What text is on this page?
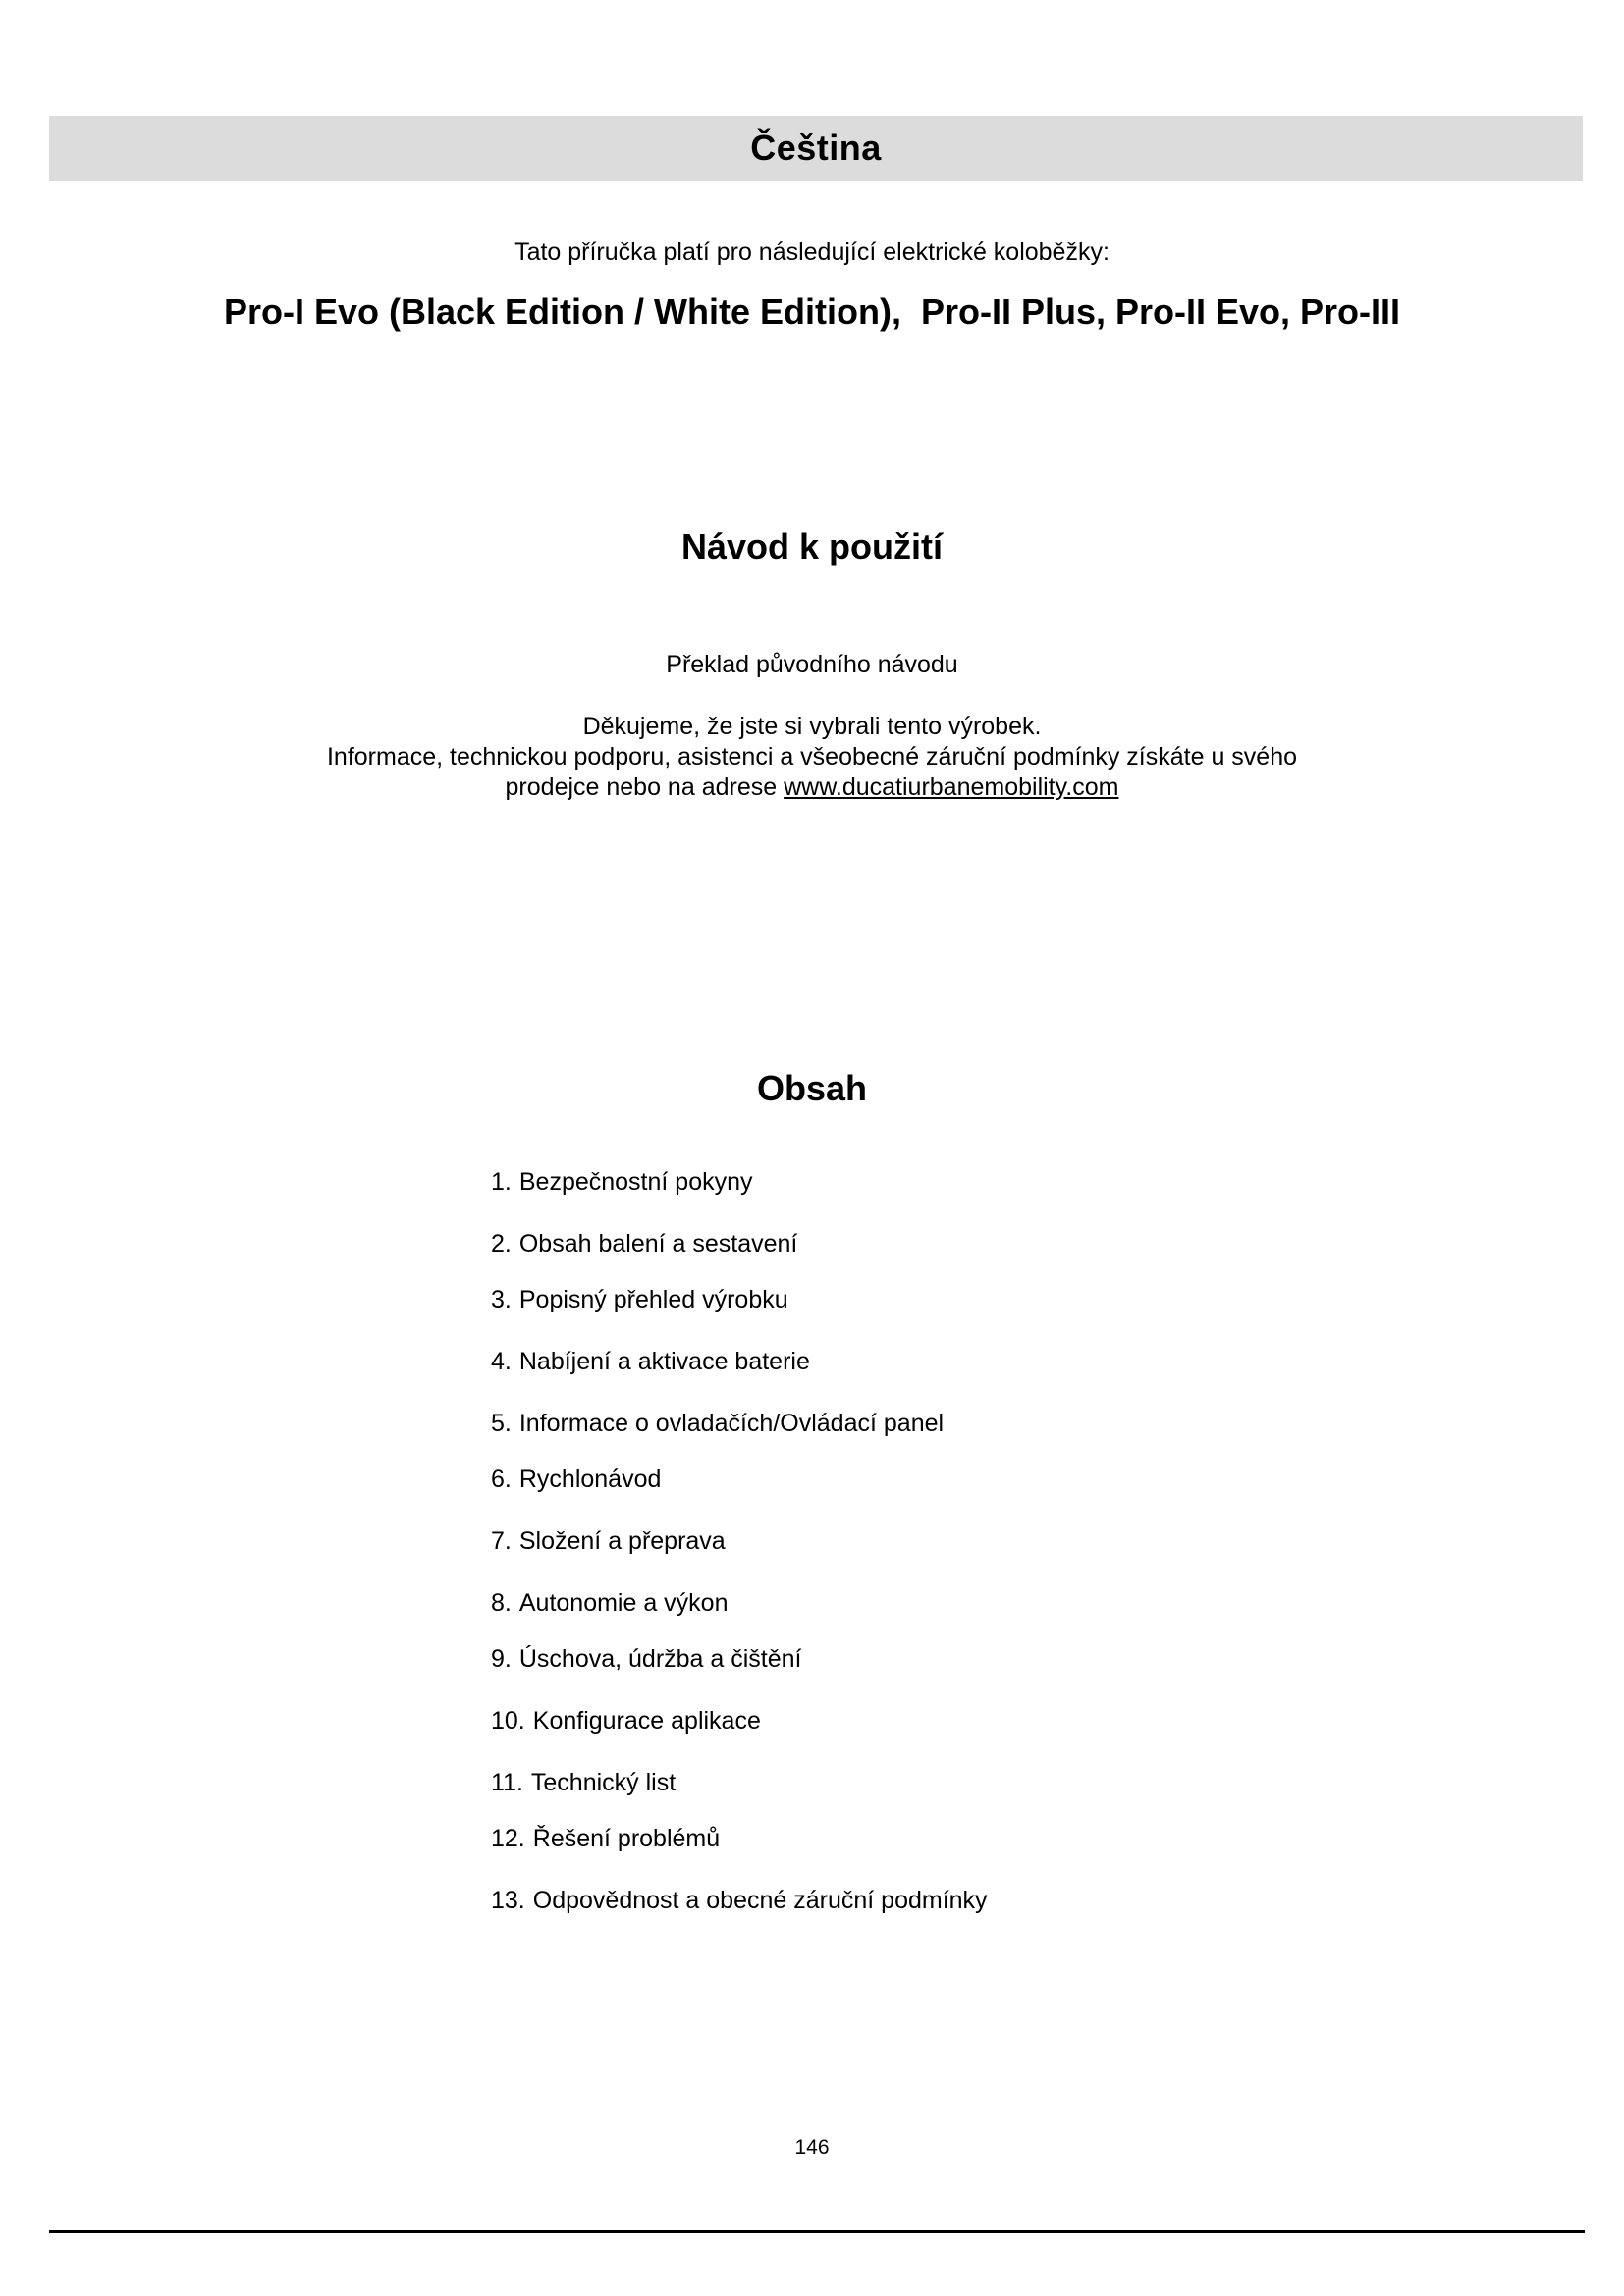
Čeština
Tato příručka platí pro následující elektrické koloběžky:
Pro-I Evo (Black Edition / White Edition),  Pro-II Plus, Pro-II Evo, Pro-III
Návod k použití
Překlad původního návodu
Děkujeme, že jste si vybrali tento výrobek.
Informace, technickou podporu, asistenci a všeobecné záruční podmínky získáte u svého
prodejce nebo na adrese www.ducatiurbanemobility.com
Obsah
1. Bezpečnostní pokyny
2. Obsah balení a sestavení
3. Popisný přehled výrobku
4. Nabíjení a aktivace baterie
5. Informace o ovladačích/Ovládací panel
6. Rychlonávod
7. Složení a přeprava
8. Autonomie a výkon
9. Úschova, údržba a čištění
10. Konfigurace aplikace
11. Technický list
12. Řešení problémů
13. Odpovědnost a obecné záruční podmínky
146
